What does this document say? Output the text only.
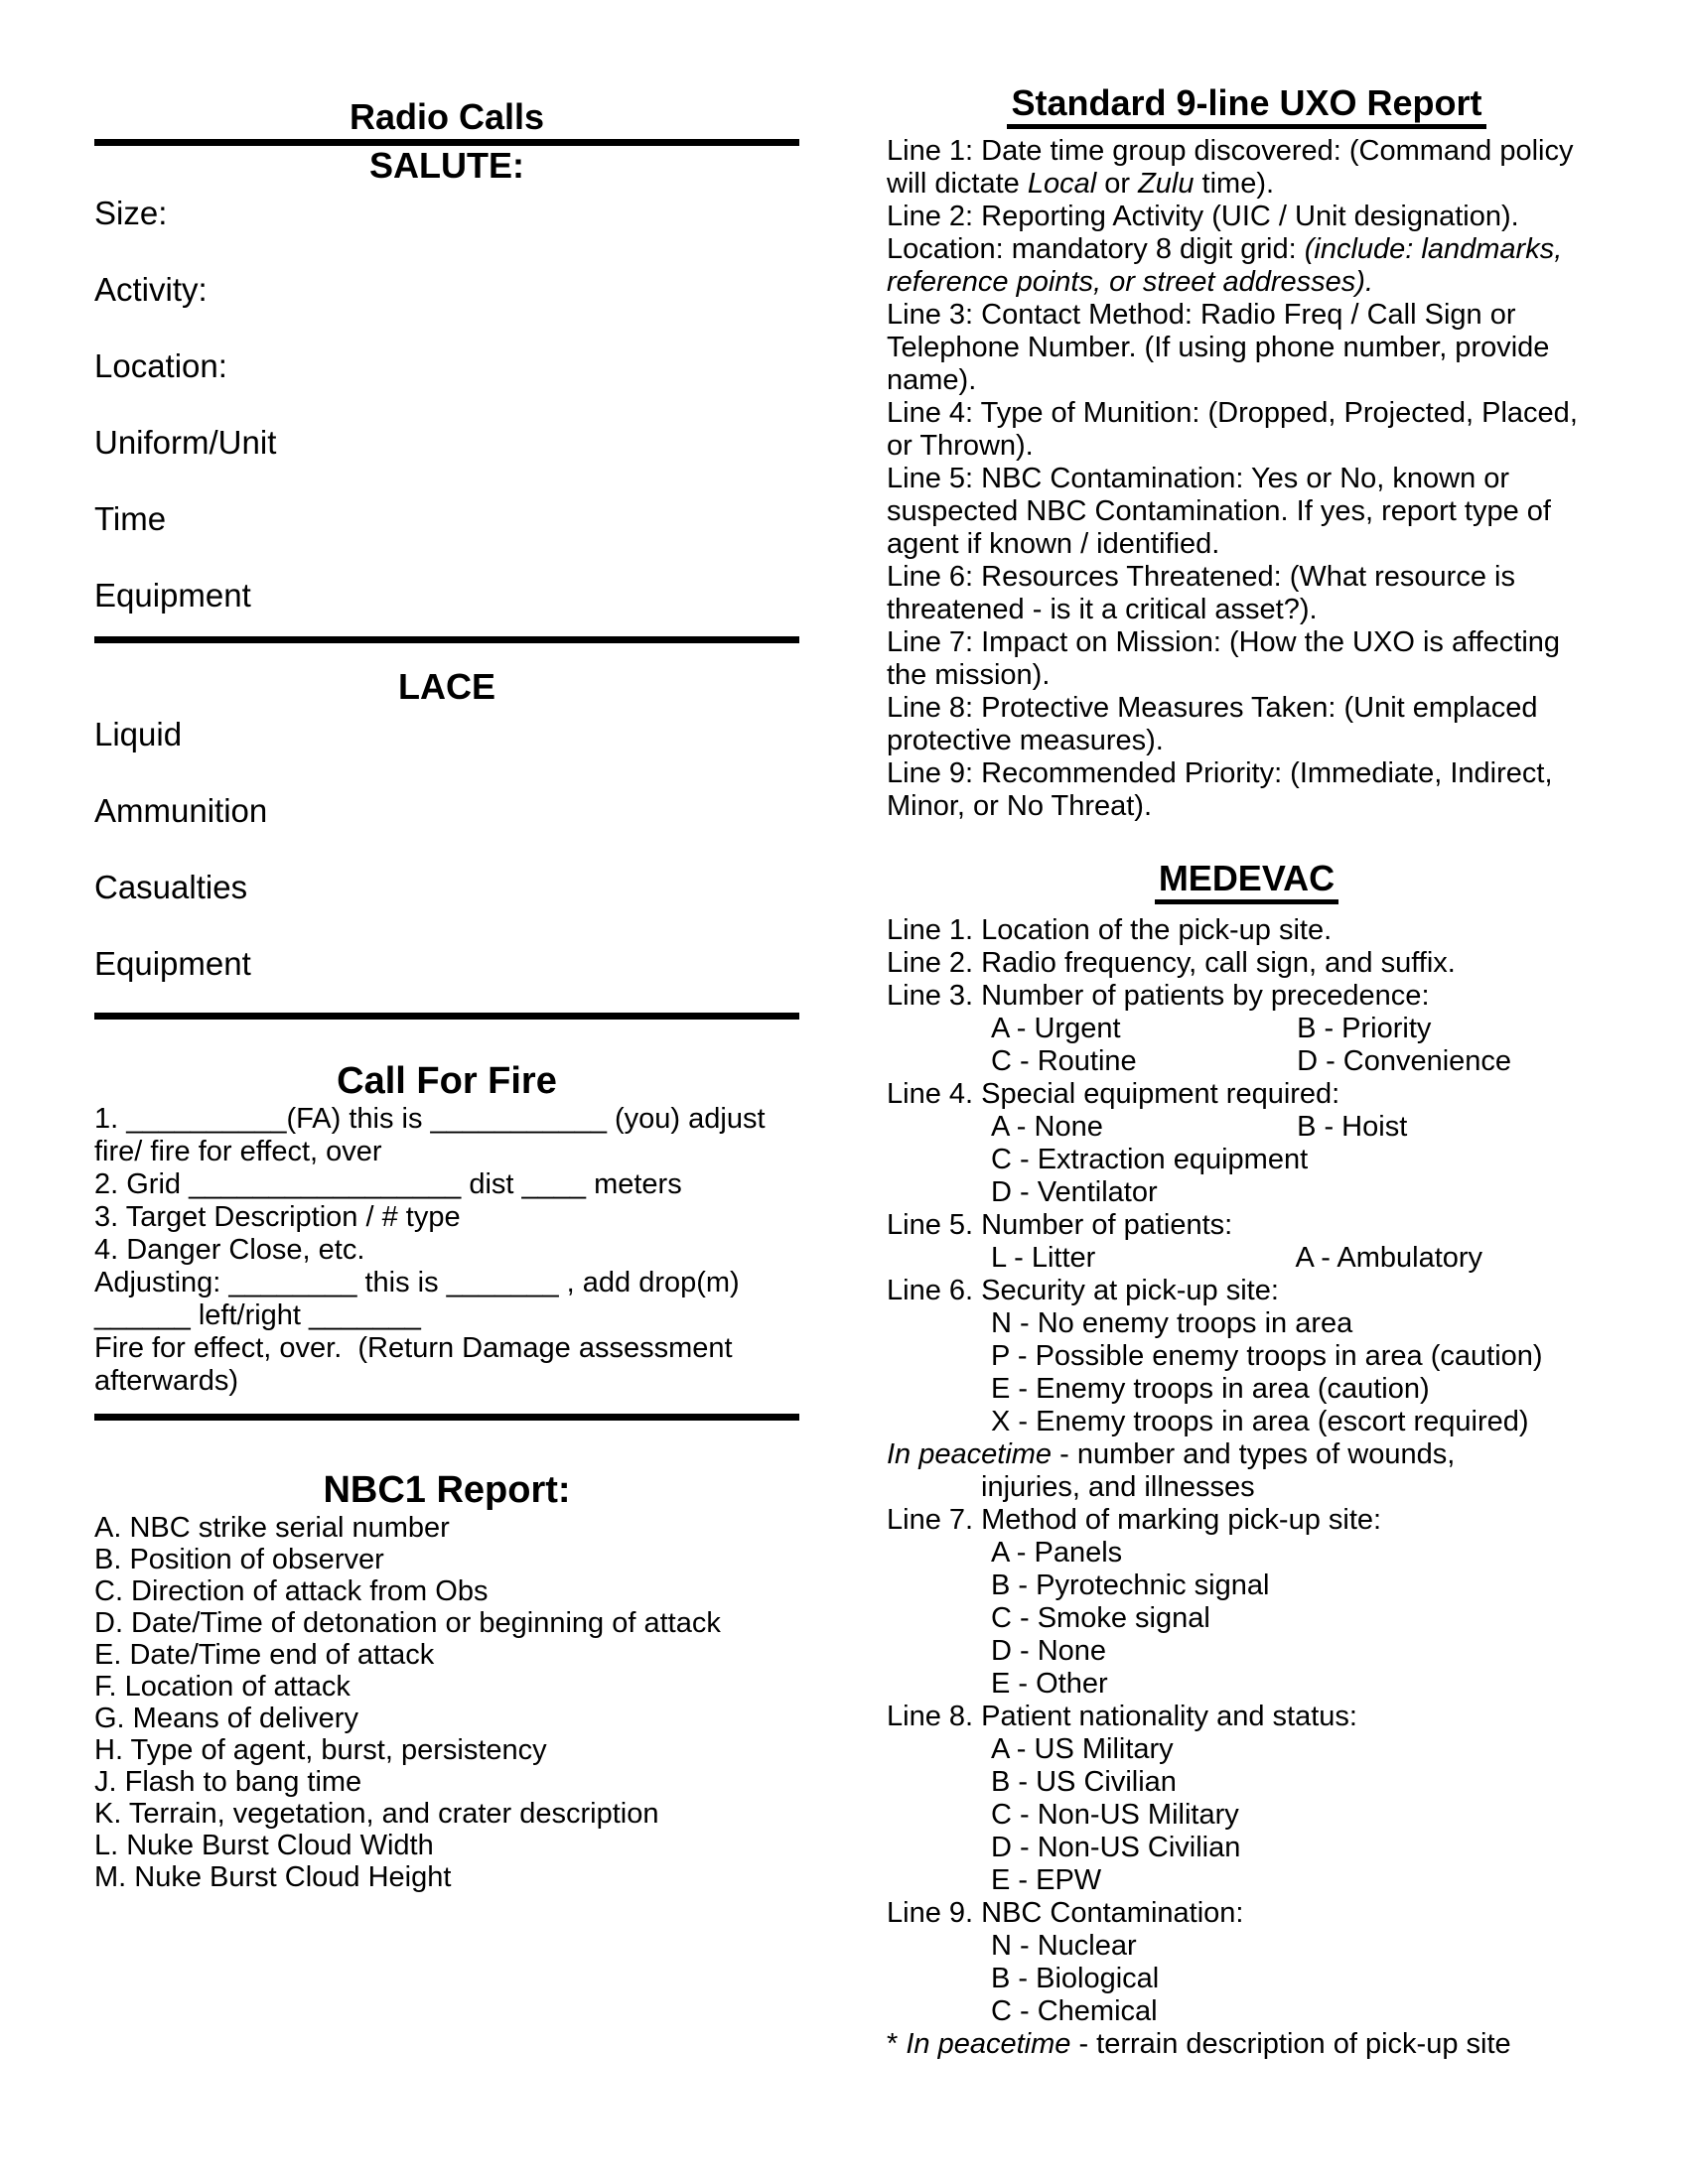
Radio Calls
SALUTE:
Size:
Activity:
Location:
Uniform/Unit
Time
Equipment
LACE
Liquid
Ammunition
Casualties
Equipment
Call For Fire
1. __________(FA) this is ___________ (you) adjust
fire/ fire for effect, over
2. Grid _________________ dist ____ meters
3. Target Description / # type
4. Danger Close, etc.
Adjusting: ________ this is _______ , add drop(m)
______ left/right _______
Fire for effect, over.  (Return Damage assessment
afterwards)
NBC1 Report:
A. NBC strike serial number
B. Position of observer
C. Direction of attack from Obs
D. Date/Time of detonation or beginning of attack
E. Date/Time end of attack
F. Location of attack
G. Means of delivery
H. Type of agent, burst, persistency
J. Flash to bang time
K. Terrain, vegetation, and crater description
L. Nuke Burst Cloud Width
M. Nuke Burst Cloud Height
Standard 9-line UXO Report
Line 1: Date time group discovered: (Command policy will dictate Local or Zulu time).
Line 2: Reporting Activity (UIC / Unit designation).
Location: mandatory 8 digit grid: (include: landmarks, reference points, or street addresses).
Line 3: Contact Method: Radio Freq / Call Sign or Telephone Number. (If using phone number, provide name).
Line 4: Type of Munition: (Dropped, Projected, Placed, or Thrown).
Line 5: NBC Contamination: Yes or No, known or suspected NBC Contamination. If yes, report type of agent if known / identified.
Line 6: Resources Threatened: (What resource is threatened - is it a critical asset?).
Line 7: Impact on Mission: (How the UXO is affecting the mission).
Line 8: Protective Measures Taken: (Unit emplaced protective measures).
Line 9: Recommended Priority: (Immediate, Indirect, Minor, or No Threat).
MEDEVAC
Line 1. Location of the pick-up site.
Line 2. Radio frequency, call sign, and suffix.
Line 3. Number of patients by precedence:
A - Urgent	B - Priority
C - Routine	D - Convenience
Line 4. Special equipment required:
A - None	B - Hoist
C - Extraction equipment
D - Ventilator
Line 5. Number of patients:
L - Litter	A - Ambulatory
Line 6. Security at pick-up site:
N - No enemy troops in area
P - Possible enemy troops in area (caution)
E - Enemy troops in area (caution)
X - Enemy troops in area (escort required)
In peacetime - number and types of wounds,
injuries, and illnesses
Line 7. Method of marking pick-up site:
A - Panels
B - Pyrotechnic signal
C - Smoke signal
D - None
E - Other
Line 8. Patient nationality and status:
A - US Military
B - US Civilian
C - Non-US Military
D - Non-US Civilian
E - EPW
Line 9. NBC Contamination:
N - Nuclear
B - Biological
C - Chemical
* In peacetime - terrain description of pick-up site
